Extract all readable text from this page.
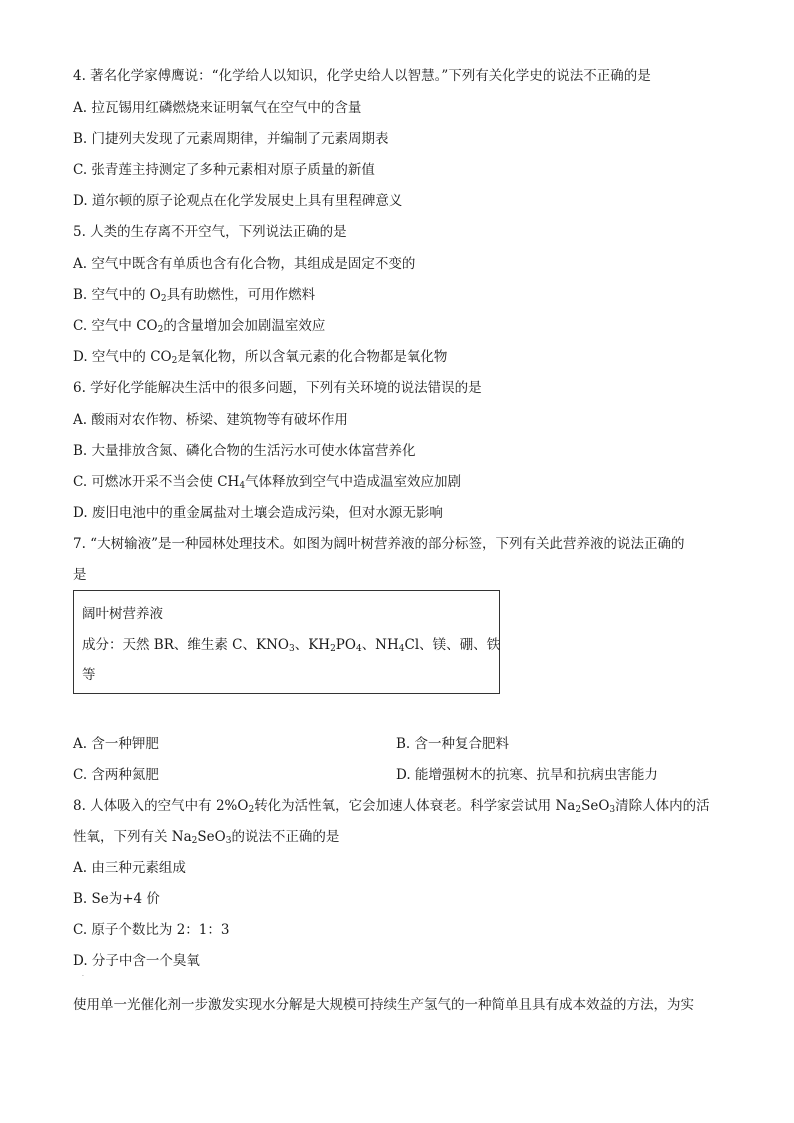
4. 著名化学家傅鹰说：“化学给人以知识，化学史给人以智慧。”下列有关化学史的说法不正确的是
A. 拉瓦锡用红磷燃烧来证明氧气在空气中的含量
B. 门捷列夫发现了元素周期律，并编制了元素周期表
C. 张青莲主持测定了多种元素相对原子质量的新值
D. 道尔顿的原子论观点在化学发展史上具有里程碑意义
5. 人类的生存离不开空气，下列说法正确的是
A. 空气中既含有单质也含有化合物，其组成是固定不变的
B. 空气中的 $O_2$具有助燃性，可用作燃料
C. 空气中 $CO_2$的含量增加会加剧温室效应
D. 空气中的 $CO_2$是氧化物，所以含氧元素的化合物都是氧化物
6. 学好化学能解决生活中的很多问题，下列有关环境的说法错误的是
A. 酸雨对农作物、桥梁、建筑物等有破坏作用
B. 大量排放含氮、磷化合物的生活污水可使水体富营养化
C. 可燃冰开采不当会使 $CH_4$气体释放到空气中造成温室效应加剧
D. 废旧电池中的重金属盐对土壤会造成污染，但对水源无影响
7. “大树输液”是一种园林处理技术。如图为阔叶树营养液的部分标签，下列有关此营养液的说法正确的
是
阔叶树营养液
成分：天然 BR、维生素 C、$KNO_3$、$KH_2PO_4$、$NH_4Cl$、镁、硼、铁
等
A. 含一种钾肥	B. 含一种复合肥料
C. 含两种氮肥	D. 能增强树木的抗寒、抗旱和抗病虫害能力
8. 人体吸入的空气中有 $2\%O_2$转化为活性氧，它会加速人体衰老。科学家尝试用 $Na_2SeO_3$清除人体内的活
性氧，下列有关 $Na_2SeO_3$的说法不正确的是
A. 由三种元素组成
B. Se为+4 价
C. 原子个数比为 2：1：3
D. 分子中含一个臭氧
·
使用单一光催化剂一步激发实现水分解是大规模可持续生产氢气的一种简单且具有成本效益的方法，为实
